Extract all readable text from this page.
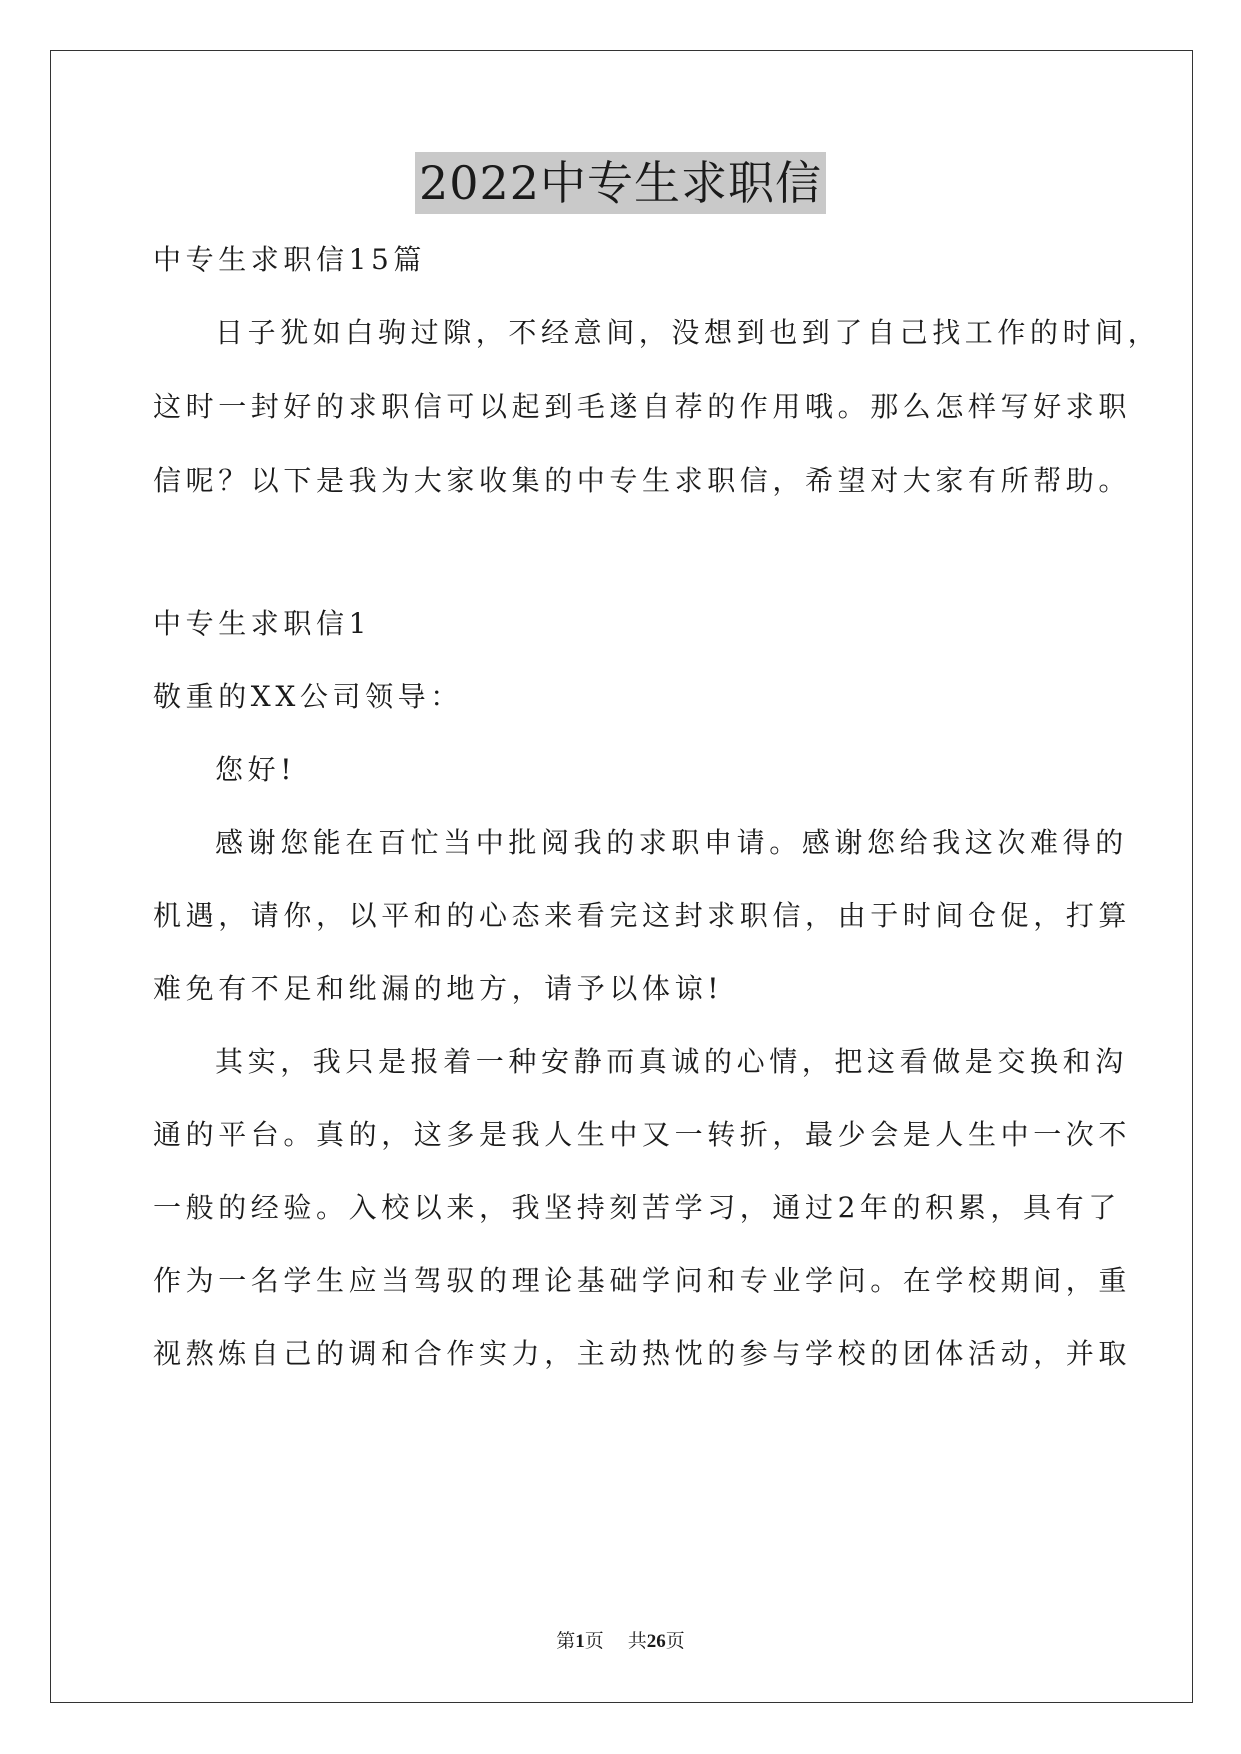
2022中专生求职信
中专生求职信15篇
日子犹如白驹过隙，不经意间，没想到也到了自己找工作的时间，
这时一封好的求职信可以起到毛遂自荐的作用哦。那么怎样写好求职
信呢？以下是我为大家收集的中专生求职信，希望对大家有所帮助。
中专生求职信1
敬重的XX公司领导：
您好!
感谢您能在百忙当中批阅我的求职申请。感谢您给我这次难得的
机遇，请你，以平和的心态来看完这封求职信，由于时间仓促，打算
难免有不足和纰漏的地方，请予以体谅!
其实，我只是报着一种安静而真诚的心情，把这看做是交换和沟
通的平台。真的，这多是我人生中又一转折，最少会是人生中一次不
一般的经验。入校以来，我坚持刻苦学习，通过2年的积累，具有了
作为一名学生应当驾驭的理论基础学问和专业学问。在学校期间，重
视熬炼自己的调和合作实力，主动热忱的参与学校的团体活动，并取
第1页 共26页
